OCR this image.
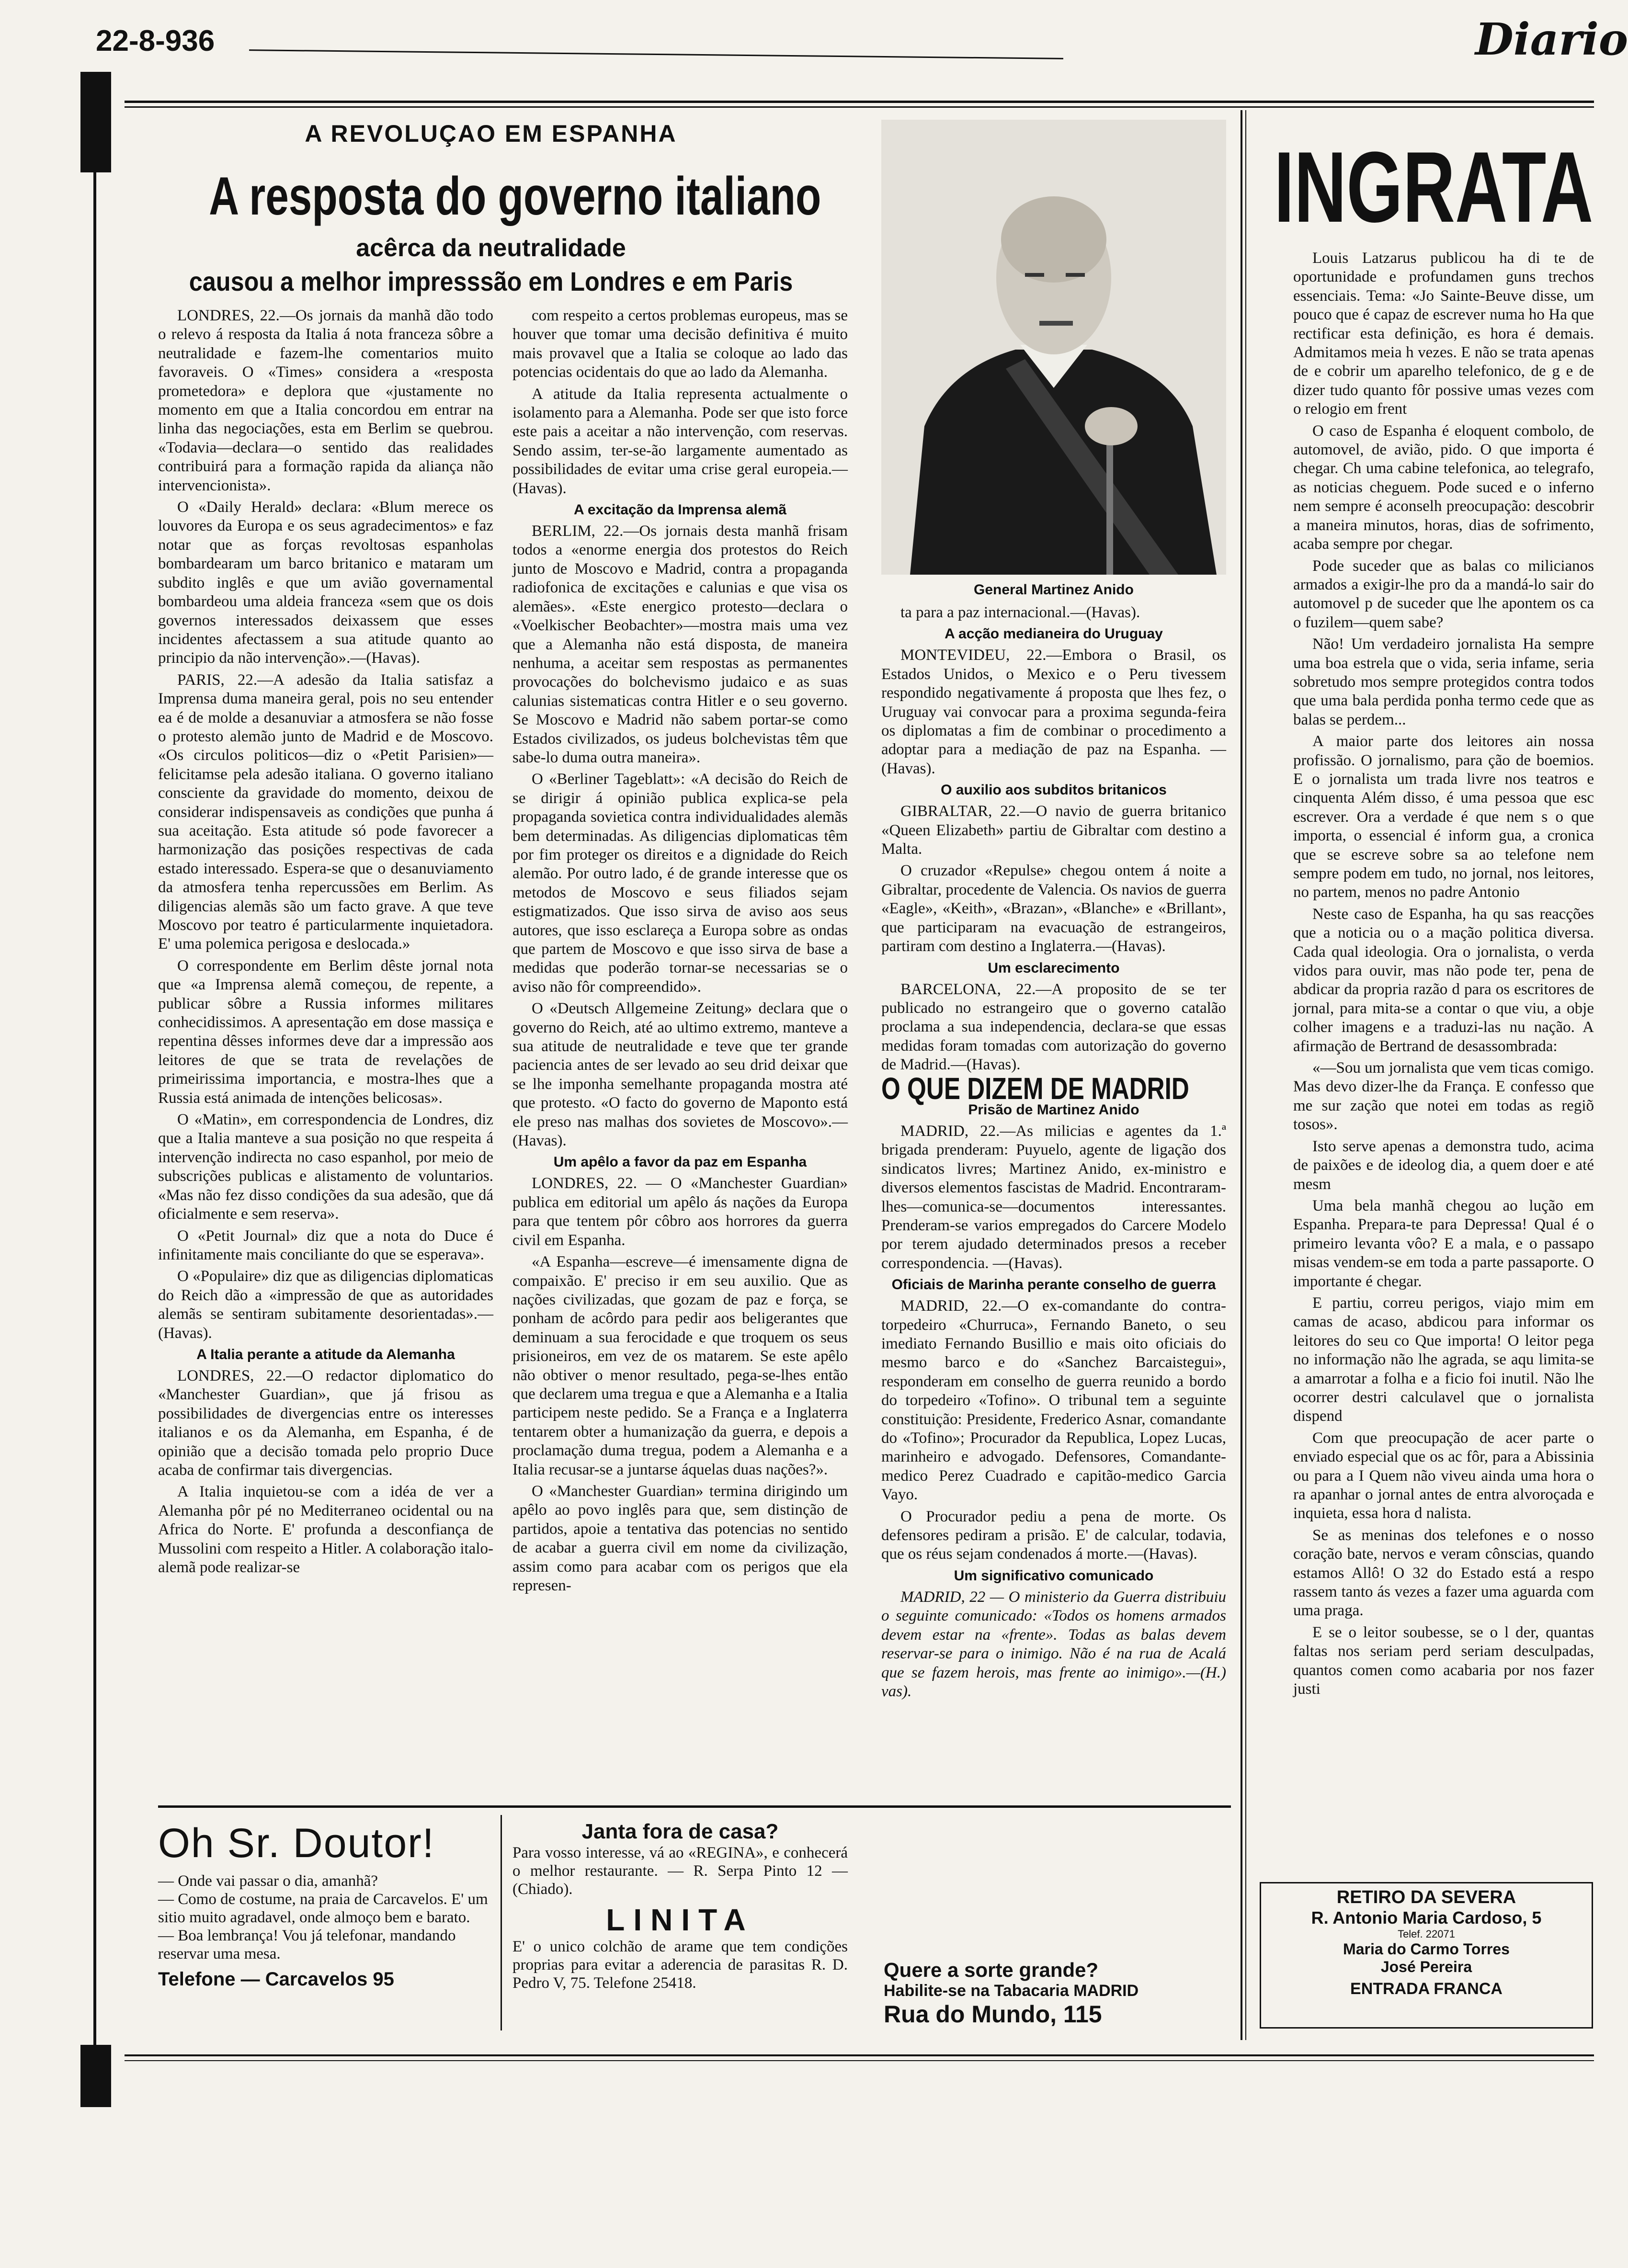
22-8-936	Diario
A REVOLUÇAO EM ESPANHA
A resposta do governo italiano
acêrca da neutralidade
causou a melhor impresssão em Londres e em Paris

LONDRES, 22.—Os jornais da manhã dão todo o relevo á resposta da Italia á nota franceza sôbre a neutralidade e fazem-lhe comentarios muito favoraveis. O «Times» considera a «resposta prometedora» e deplora que «justamente no momento em que a Italia concordou em entrar na linha das negociações, esta em Berlim se quebrou. «Todavia—declara—o sentido das realidades contribuirá para a formação rapida da aliança não intervencionista».

O «Daily Herald» declara: «Blum merece os louvores da Europa e os seus agradecimentos» e faz notar que as forças revoltosas espanholas bombardearam um barco britanico e mataram um subdito inglês e que um avião governamental bombardeou uma aldeia franceza «sem que os dois governos interessados deixassem que esses incidentes afectassem a sua atitude quanto ao principio da não intervenção».—(Havas).

PARIS, 22.—A adesão da Italia satisfaz a Imprensa duma maneira geral, pois no seu entender ea é de molde a desanuviar a atmosfera se não fosse o protesto alemão junto de Madrid e de Moscovo. «Os circulos politicos—diz o «Petit Parisien»—felicitamse pela adesão italiana. O governo italiano consciente da gravidade do momento, deixou de considerar indispensaveis as condições que punha á sua aceitação. Esta atitude só pode favorecer a harmonização das posições respectivas de cada estado interessado. Espera-se que o desanuviamento da atmosfera tenha repercussões em Berlim. As diligencias alemãs são um facto grave. A que teve Moscovo por teatro é particularmente inquietadora. E' uma polemica perigosa e deslocada.»

O correspondente em Berlim dêste jornal nota que «a Imprensa alemã começou, de repente, a publicar sôbre a Russia informes militares conhecidissimos. A apresentação em dose massiça e repentina dêsses informes deve dar a impressão aos leitores de que se trata de revelações de primeirissima importancia, e mostra-lhes que a Russia está animada de intenções belicosas».

O «Matin», em correspondencia de Londres, diz que a Italia manteve a sua posição no que respeita á intervenção indirecta no caso espanhol, por meio de subscrições publicas e alistamento de voluntarios. «Mas não fez disso condições da sua adesão, que dá oficialmente e sem reserva».

O «Petit Journal» diz que a nota do Duce é infinitamente mais conciliante do que se esperava».

O «Populaire» diz que as diligencias diplomaticas do Reich dão a «impressão de que as autoridades alemãs se sentiram subitamente desorientadas».—(Havas).

A Italia perante a atitude da Alemanha

LONDRES, 22.—O redactor diplomatico do «Manchester Guardian», que já frisou as possibilidades de divergencias entre os interesses italianos e os da Alemanha, em Espanha, é de opinião que a decisão tomada pelo proprio Duce acaba de confirmar tais divergencias.

A Italia inquietou-se com a idéa de ver a Alemanha pôr pé no Mediterraneo ocidental ou na Africa do Norte. E' profunda a desconfiança de Mussolini com respeito a Hitler. A colaboração italo-alemã pode realizar-se

com respeito a certos problemas europeus, mas se houver que tomar uma decisão definitiva é muito mais provavel que a Italia se coloque ao lado das potencias ocidentais do que ao lado da Alemanha.

A atitude da Italia representa actualmente o isolamento para a Alemanha. Pode ser que isto force este pais a aceitar a não intervenção, com reservas. Sendo assim, ter-se-ão largamente aumentado as possibilidades de evitar uma crise geral europeia.—(Havas).

A excitação da Imprensa alemã

BERLIM, 22.—Os jornais desta manhã frisam todos a «enorme energia dos protestos do Reich junto de Moscovo e Madrid, contra a propaganda radiofonica de excitações e calunias e que visa os alemães». «Este energico protesto—declara o «Voelkischer Beobachter»—mostra mais uma vez que a Alemanha não está disposta, de maneira nenhuma, a aceitar sem respostas as permanentes provocações do bolchevismo judaico e as suas calunias sistematicas contra Hitler e o seu governo. Se Moscovo e Madrid não sabem portar-se como Estados civilizados, os judeus bolchevistas têm que sabe-lo duma outra maneira».

O «Berliner Tageblatt»: «A decisão do Reich de se dirigir á opinião publica explica-se pela propaganda sovietica contra individualidades alemãs bem determinadas. As diligencias diplomaticas têm por fim proteger os direitos e a dignidade do Reich alemão. Por outro lado, é de grande interesse que os metodos de Moscovo e seus filiados sejam estigmatizados. Que isso sirva de aviso aos seus autores, que isso esclareça a Europa sobre as ondas que partem de Moscovo e que isso sirva de base a medidas que poderão tornar-se necessarias se o aviso não fôr compreendido».

O «Deutsch Allgemeine Zeitung» declara que o governo do Reich, até ao ultimo extremo, manteve a sua atitude de neutralidade e teve que ter grande paciencia antes de ser levado ao seu drid deixar que se lhe imponha semelhante propaganda mostra até que protesto. «O facto do governo de Maponto está ele preso nas malhas dos sovietes de Moscovo».—(Havas).

Um apêlo a favor da paz em Espanha

LONDRES, 22. — O «Manchester Guardian» publica em editorial um apêlo ás nações da Europa para que tentem pôr côbro aos horrores da guerra civil em Espanha.

«A Espanha—escreve—é imensamente digna de compaixão. E' preciso ir em seu auxilio. Que as nações civilizadas, que gozam de paz e força, se ponham de acôrdo para pedir aos beligerantes que deminuam a sua ferocidade e que troquem os seus prisioneiros, em vez de os matarem. Se este apêlo não obtiver o menor resultado, pega-se-lhes então que declarem uma tregua e que a Alemanha e a Italia participem neste pedido. Se a França e a Inglaterra tentarem obter a humanização da guerra, e depois a proclamação duma tregua, podem a Alemanha e a Italia recusar-se a juntarse áquelas duas nações?».

O «Manchester Guardian» termina dirigindo um apêlo ao povo inglês para que, sem distinção de partidos, apoie a tentativa das potencias no sentido de acabar a guerra civil em nome da civilização, assim como para acabar com os perigos que ela represen-

General Martinez Anido

ta para a paz internacional.—(Havas).

A acção medianeira do Uruguay

MONTEVIDEU, 22.—Embora o Brasil, os Estados Unidos, o Mexico e o Peru tivessem respondido negativamente á proposta que lhes fez, o Uruguay vai convocar para a proxima segunda-feira os diplomatas a fim de combinar o procedimento a adoptar para a mediação de paz na Espanha. —(Havas).

O auxilio aos subditos britanicos

GIBRALTAR, 22.—O navio de guerra britanico «Queen Elizabeth» partiu de Gibraltar com destino a Malta.

O cruzador «Repulse» chegou ontem á noite a Gibraltar, procedente de Valencia. Os navios de guerra «Eagle», «Keith», «Brazan», «Blanche» e «Brillant», que participaram na evacuação de estrangeiros, partiram com destino a Inglaterra.—(Havas).

Um esclarecimento

BARCELONA, 22.—A proposito de se ter publicado no estrangeiro que o governo catalão proclama a sua independencia, declara-se que essas medidas foram tomadas com autorização do governo de Madrid.—(Havas).

O QUE DIZEM DE MADRID

Prisão de Martinez Anido

MADRID, 22.—As milicias e agentes da 1.ª brigada prenderam: Puyuelo, agente de ligação dos sindicatos livres; Martinez Anido, ex-ministro e diversos elementos fascistas de Madrid. Encontraram-lhes—comunica-se—documentos interessantes. Prenderam-se varios empregados do Carcere Modelo por terem ajudado determinados presos a receber correspondencia. —(Havas).

Oficiais de Marinha perante conselho de guerra

MADRID, 22.—O ex-comandante do contra-torpedeiro «Churruca», Fernando Baneto, o seu imediato Fernando Busillio e mais oito oficiais do mesmo barco e do «Sanchez Barcaistegui», responderam em conselho de guerra reunido a bordo do torpedeiro «Tofino». O tribunal tem a seguinte constituição: Presidente, Frederico Asnar, comandante do «Tofino»; Procurador da Republica, Lopez Lucas, marinheiro e advogado. Defensores, Comandante-medico Perez Cuadrado e capitão-medico Garcia Vayo.

O Procurador pediu a pena de morte. Os defensores pediram a prisão. E' de calcular, todavia, que os réus sejam condenados á morte.—(Havas).

Um significativo comunicado

MADRID, 22 — O ministerio da Guerra distribuiu o seguinte comunicado: «Todos os homens armados devem estar na «frente». Todas as balas devem reservar-se para o inimigo. Não é na rua de Acalá que se fazem herois, mas frente ao inimigo».—(H.) vas).

INGRATA

Louis Latzarus publicou ha di te de oportunidade e profundamen guns trechos essenciais. Tema: «Jo Sainte-Beuve disse, um pouco que é capaz de escrever numa ho Ha que rectificar esta definição, es hora é demais. Admitamos meia h vezes. E não se trata apenas de e cobrir um aparelho telefonico, de g e de dizer tudo quanto fôr possive umas vezes com o relogio em frent

O caso de Espanha é eloquent combolo, de automovel, de avião, pido. O que importa é chegar. Ch uma cabine telefonica, ao telegrafo, as noticias cheguem. Pode suced e o inferno nem sempre é aconselh preocupação: descobrir a maneira minutos, horas, dias de sofrimento, acaba sempre por chegar.

Pode suceder que as balas co milicianos armados a exigir-lhe pro da a mandá-lo sair do automovel p de suceder que lhe apontem os ca o fuzilem—quem sabe?

Não! Um verdadeiro jornalista Ha sempre uma boa estrela que o vida, seria infame, seria sobretudo mos sempre protegidos contra todos que uma bala perdida ponha termo cede que as balas se perdem...

A maior parte dos leitores ain nossa profissão. O jornalismo, para ção de boemios. E o jornalista um trada livre nos teatros e cinquenta Além disso, é uma pessoa que esc escrever. Ora a verdade é que nem s o que importa, o essencial é inform gua, a cronica que se escreve sobre sa ao telefone nem sempre podem em tudo, no jornal, nos leitores, no partem, menos no padre Antonio

Neste caso de Espanha, ha qu sas reacções que a noticia ou o a mação politica diversa. Cada qual ideologia. Ora o jornalista, o verda vidos para ouvir, mas não pode ter, pena de abdicar da propria razão d para os escritores de jornal, para mita-se a contar o que viu, a obje colher imagens e a traduzi-las nu nação. A afirmação de Bertrand de desassombrada:

«—Sou um jornalista que vem ticas comigo. Mas devo dizer-lhe da França. E confesso que me sur zação que notei em todas as regiõ tosos».

Isto serve apenas a demonstra tudo, acima de paixões e de ideolog dia, a quem doer e até mesm

Uma bela manhã chegou ao lução em Espanha. Prepara-te para Depressa! Qual é o primeiro levanta vôo? E a mala, e o passapo misas vendem-se em toda a parte passaporte. O importante é chegar.

E partiu, correu perigos, viajo mim em camas de acaso, abdicou para informar os leitores do seu co Que importa! O leitor pega no informação não lhe agrada, se aqu limita-se a amarrotar a folha e a ficio foi inutil. Não lhe ocorrer destri calculavel que o jornalista dispend

Com que preocupação de acer parte o enviado especial que os ac fôr, para a Abissinia ou para a I Quem não viveu ainda uma hora o ra apanhar o jornal antes de entra alvoroçada e inquieta, essa hora d nalista.

Se as meninas dos telefones e o nosso coração bate, nervos e veram cônscias, quando estamos Allô! O 32 do Estado está a respo rassem tanto ás vezes a fazer uma aguarda com uma praga.

E se o leitor soubesse, se o l der, quantas faltas nos seriam perd seriam desculpadas, quantos comen como acabaria por nos fazer justi

Oh Sr. Doutor!
— Onde vai passar o dia, amanhã?
— Como de costume, na praia de Carcavelos. E' um sitio muito agradavel, onde almoço bem e barato.
— Boa lembrança! Vou já telefonar, mandando reservar uma mesa.
Telefone — Carcavelos 95
Janta fora de casa?
Para vosso interesse, vá ao «REGINA», e conhecerá o melhor restaurante. — R. Serpa Pinto 12 — (Chiado).
LINITA
E' o unico colchão de arame que tem condições proprias para evitar a aderencia de parasitas R. D. Pedro V, 75. Telefone 25418.
Quere a sorte grande?
Habilite-se na Tabacaria MADRID
Rua do Mundo, 115
RETIRO DA SEVERA
R. Antonio Maria Cardoso, 5
Telef. 22071
Maria do Carmo Torres
José Pereira
ENTRADA FRANCA
